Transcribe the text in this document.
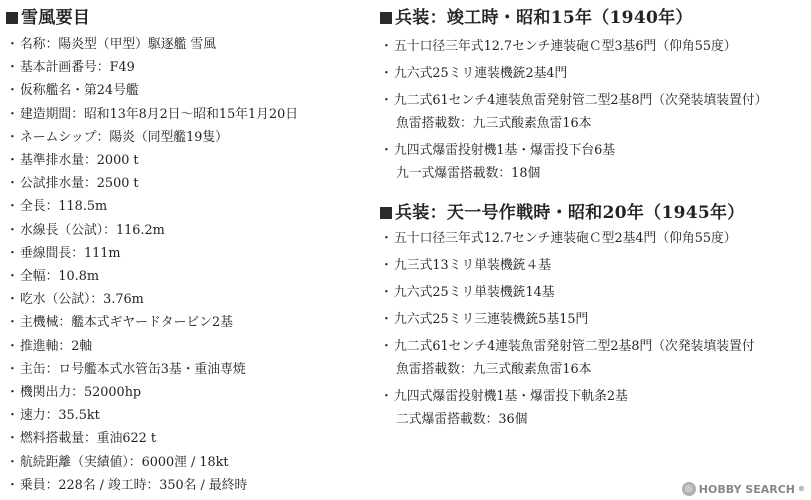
雪風要目
・名称：陽炎型（甲型）駆逐艦 雪風
・基本計画番号：F49
・仮称艦名・第24号艦
・建造期間：昭和13年8月2日～昭和15年1月20日
・ネームシップ：陽炎（同型艦19隻）
・基準排水量：2000 t
・公試排水量：2500 t
・全長：118.5m
・水線長（公試）：116.2m
・垂線間長：111m
・全幅：10.8m
・吃水（公試）：3.76m
・主機械：艦本式ギヤードタービン2基
・推進軸：2軸
・主缶：ロ号艦本式水管缶3基・重油専焼
・機関出力：52000hp
・速力：35.5kt
・燃料搭載量：重油622 t
・航続距離（実績値）：6000浬 / 18kt
・乗員：228名 / 竣工時：350名 / 最終時
兵装：竣工時・昭和15年（1940年）
・五十口径三年式12.7センチ連装砲Ｃ型3基6門（仰角55度）
・九六式25ミリ連装機銃2基4門
・九二式61センチ4連装魚雷発射管二型2基8門（次発装填装置付）
魚雷搭載数：九三式酸素魚雷16本
・九四式爆雷投射機1基・爆雷投下台6基
九一式爆雷搭載数：18個
兵装：天一号作戦時・昭和20年（1945年）
・五十口径三年式12.7センチ連装砲Ｃ型2基4門（仰角55度）
・九三式13ミリ単装機銃４基
・九六式25ミリ単装機銃14基
・九六式25ミリ三連装機銃5基15門
・九二式61センチ4連装魚雷発射管二型2基8門（次発装填装置付
魚雷搭載数：九三式酸素魚雷16本
・九四式爆雷投射機1基・爆雷投下軌条2基
二式爆雷搭載数：36個
◎ HOBBY SEARCH ®
